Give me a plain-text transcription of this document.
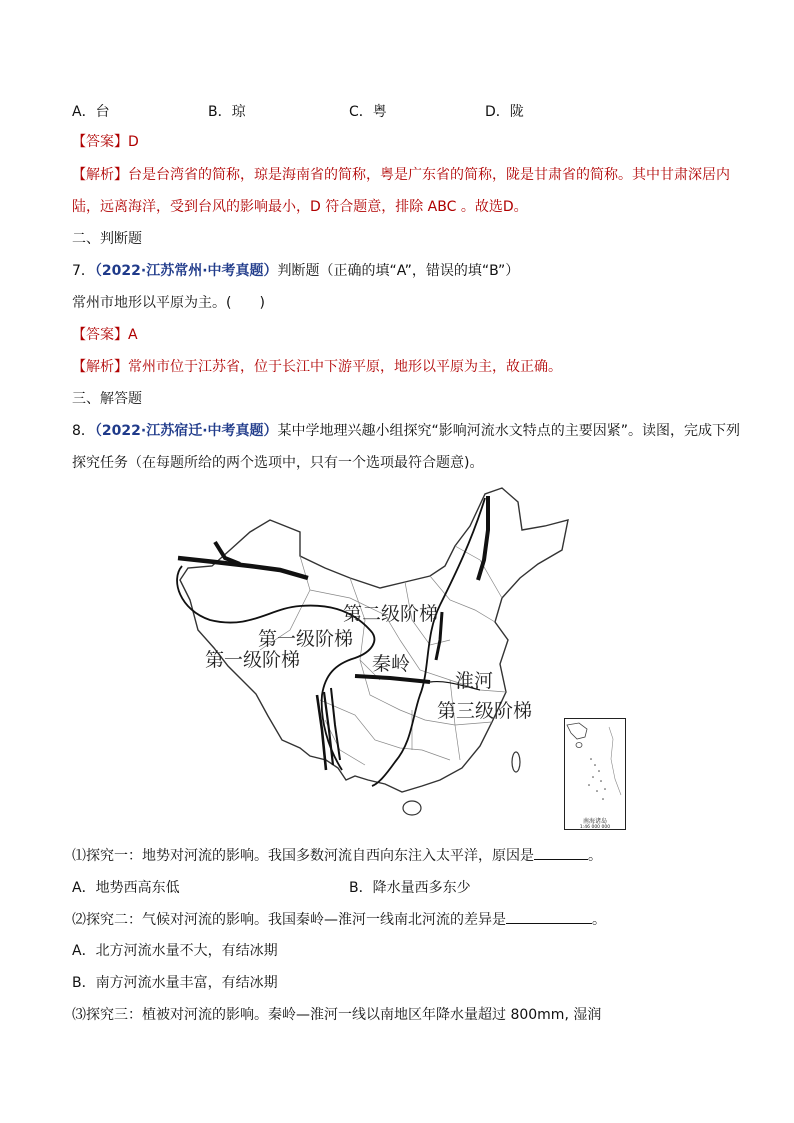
A．台	B．琼	C．粤	D．陇
【答案】D
【解析】台是台湾省的简称，琼是海南省的简称，粤是广东省的简称，陇是甘肃省的简称。其中甘肃深居内
陆，远离海洋，受到台风的影响最小，D 符合题意，排除 ABC 。故选D。
二、判断题
7．（2022·江苏常州·中考真题）判断题（正确的填“A”，错误的填“B”）
常州市地形以平原为主。(　　)
【答案】A
【解析】常州市位于江苏省，位于长江中下游平原，地形以平原为主，故正确。
三、解答题
8．（2022·江苏宿迁·中考真题）某中学地理兴趣小组探究“影响河流水文特点的主要因紧”。读图，完成下列
探究任务（在每题所给的两个选项中，只有一个选项最符合题意)。
第二级阶梯
第一级阶梯
第一级阶梯	秦岭
淮河
第三级阶梯
南海诸岛
1:46 000 000
⑴探究一：地势对河流的影响。我国多数河流自西向东注入太平洋，原因是	。
A．地势西高东低	B．降水量西多东少
⑵探究二：气候对河流的影响。我国秦岭—淮河一线南北河流的差异是	。
A．北方河流水量不大，有结冰期
B．南方河流水量丰富，有结冰期
⑶探究三：植被对河流的影响。秦岭—淮河一线以南地区年降水量超过 800mm, 湿润
